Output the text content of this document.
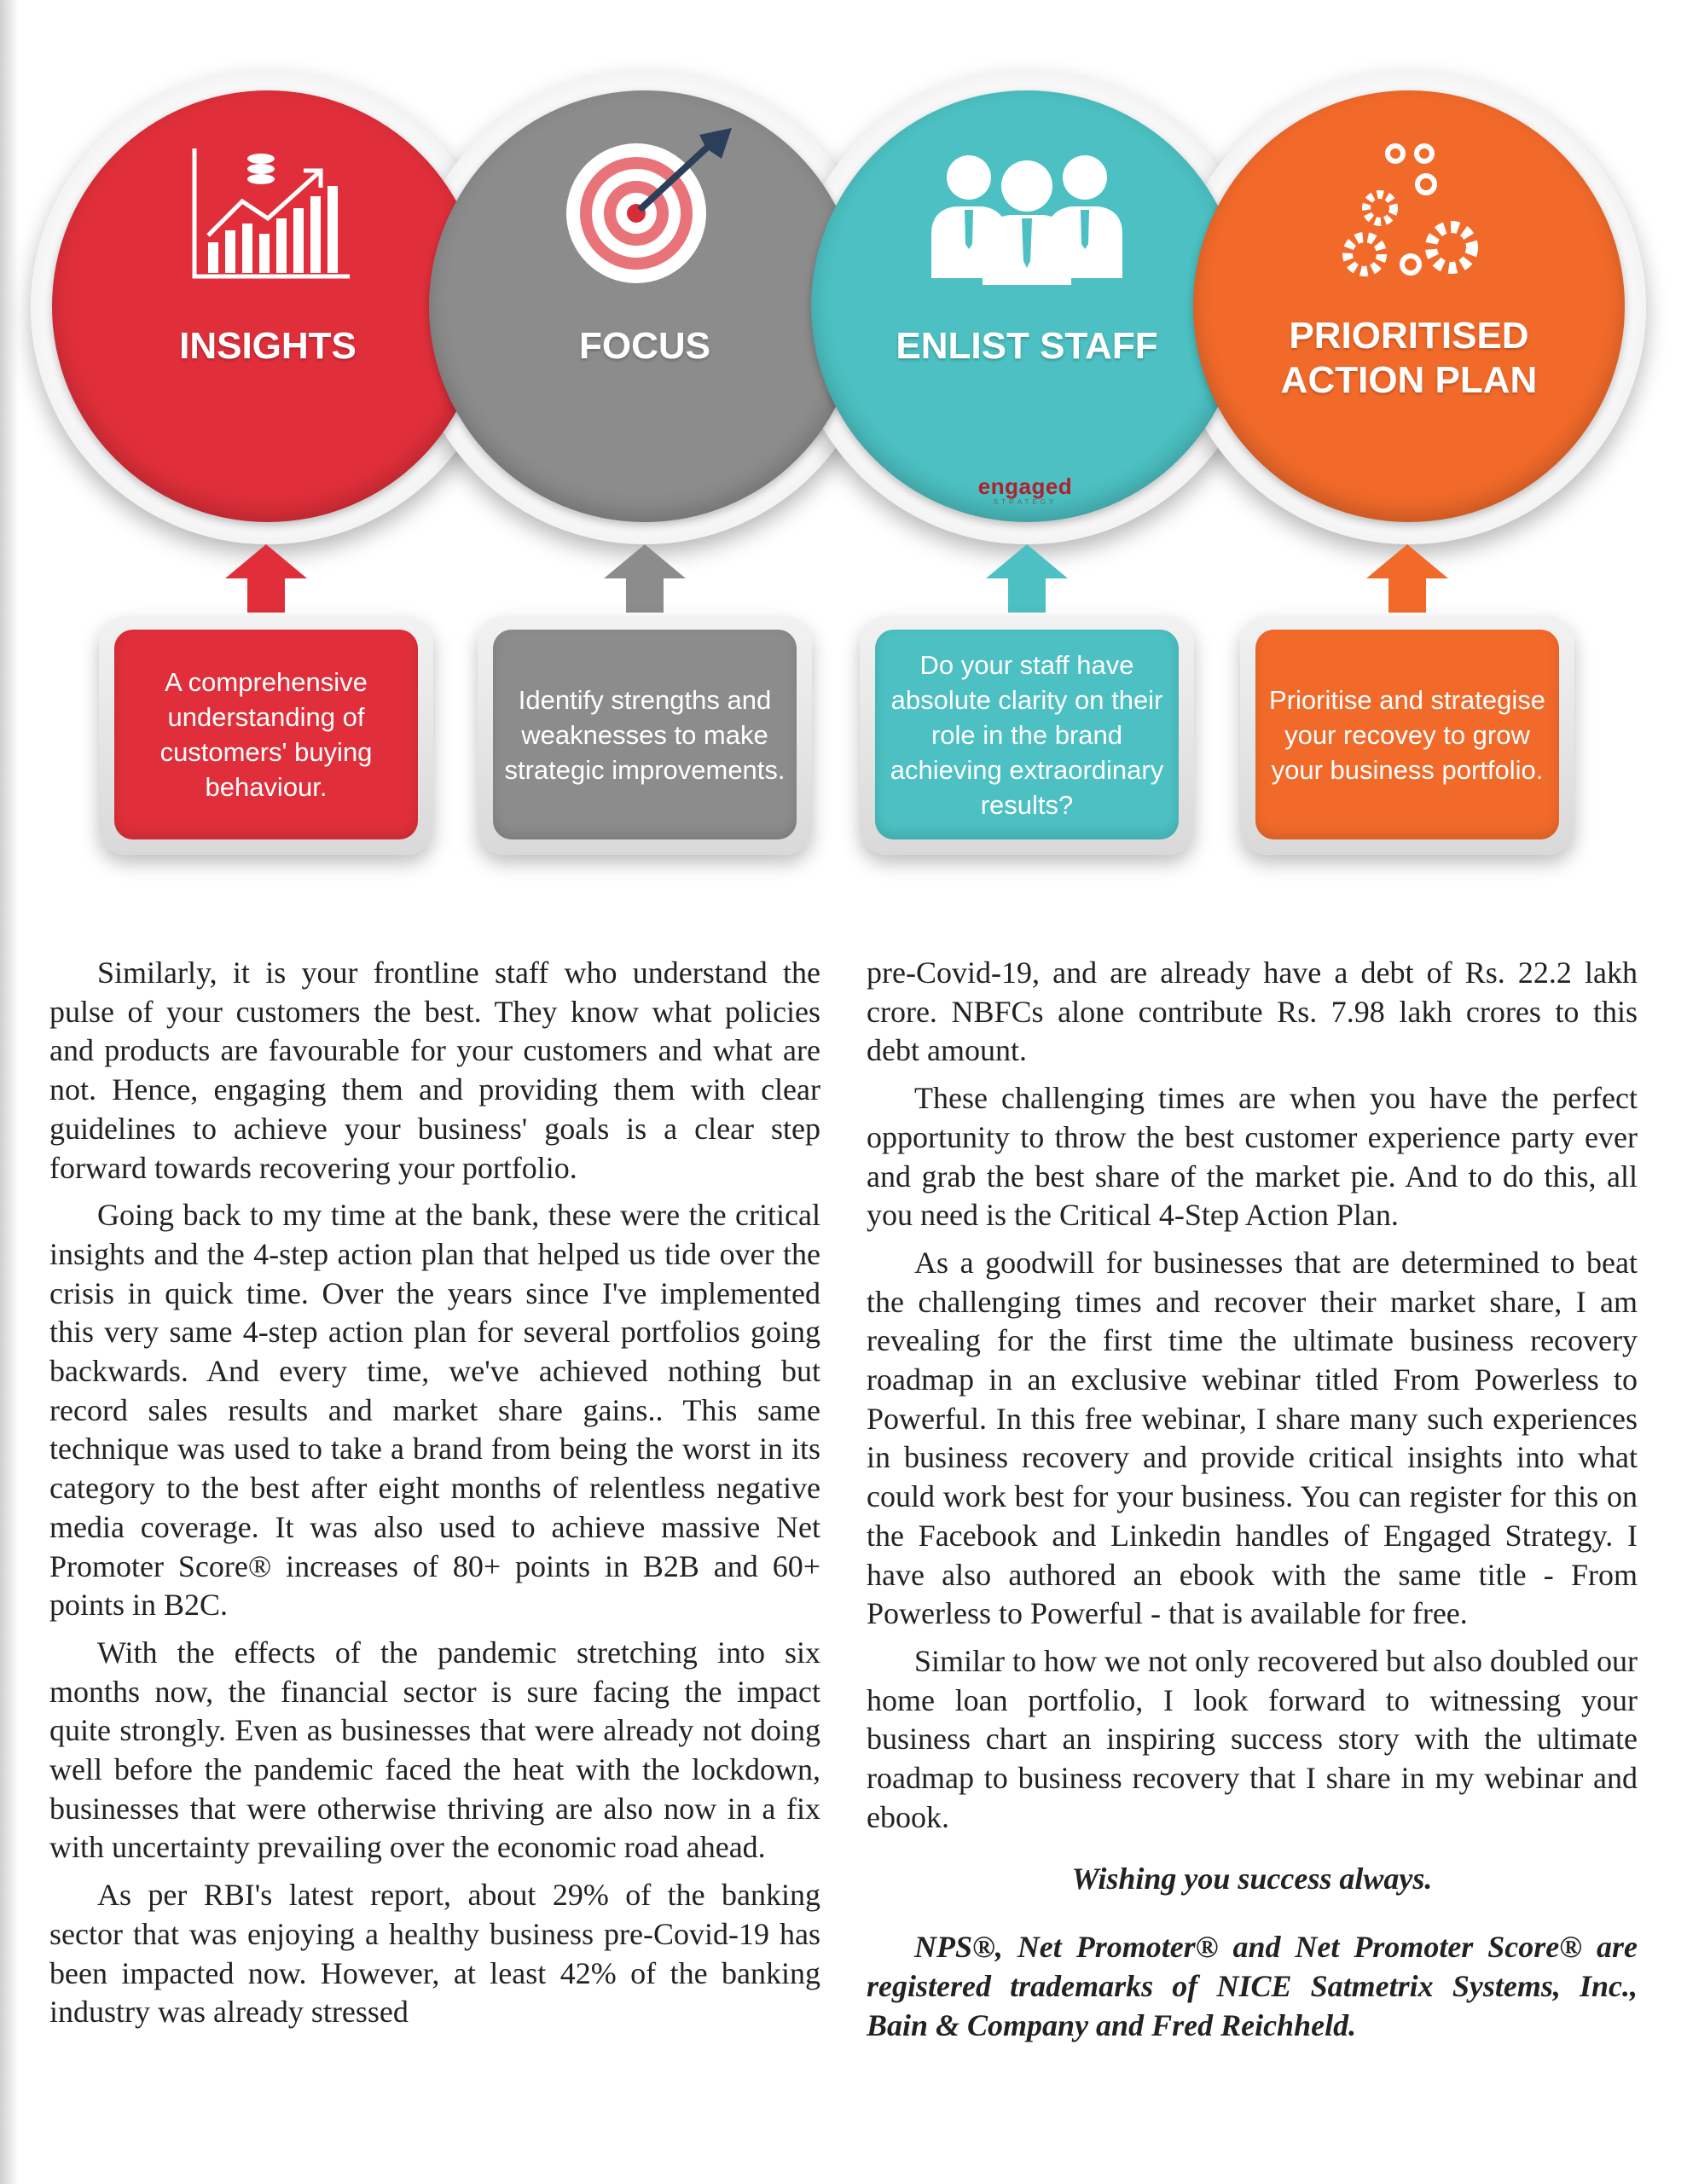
INSIGHTS	FOCUS	ENLIST STAFF	PRIORITISED
ACTION PLAN
engaged
STRATEGY
A comprehensive understanding of customers' buying behaviour.
Identify strengths and weaknesses to make strategic improvements.
Do your staff have absolute clarity on their role in the brand achieving extraordinary results?
Prioritise and strategise your recovey to grow your business portfolio.

Similarly, it is your frontline staff who understand the pulse of your customers the best. They know what policies and products are favourable for your customers and what are not. Hence, engaging them and providing them with clear guidelines to achieve your business' goals is a clear step forward towards recovering your portfolio.

Going back to my time at the bank, these were the critical insights and the 4-step action plan that helped us tide over the crisis in quick time. Over the years since I've implemented this very same 4-step action plan for several portfolios going backwards. And every time, we've achieved nothing but record sales results and market share gains.. This same technique was used to take a brand from being the worst in its category to the best after eight months of relentless negative media coverage. It was also used to achieve massive Net Promoter Score® increases of 80+ points in B2B and 60+ points in B2C.

With the effects of the pandemic stretching into six months now, the financial sector is sure facing the impact quite strongly. Even as businesses that were already not doing well before the pandemic faced the heat with the lockdown, businesses that were otherwise thriving are also now in a fix with uncertainty prevailing over the economic road ahead.

As per RBI's latest report, about 29% of the banking sector that was enjoying a healthy business pre-Covid-19 has been impacted now. However, at least 42% of the banking industry was already stressed

pre-Covid-19, and are already have a debt of Rs. 22.2 lakh crore. NBFCs alone contribute Rs. 7.98 lakh crores to this debt amount.

These challenging times are when you have the perfect opportunity to throw the best customer experience party ever and grab the best share of the market pie. And to do this, all you need is the Critical 4-Step Action Plan.

As a goodwill for businesses that are determined to beat the challenging times and recover their market share, I am revealing for the first time the ultimate business recovery roadmap in an exclusive webinar titled From Powerless to Powerful. In this free webinar, I share many such experiences in business recovery and provide critical insights into what could work best for your business. You can register for this on the Facebook and Linkedin handles of Engaged Strategy. I have also authored an ebook with the same title - From Powerless to Powerful - that is available for free.

Similar to how we not only recovered but also doubled our home loan portfolio, I look forward to witnessing your business chart an inspiring success story with the ultimate roadmap to business recovery that I share in my webinar and ebook.

Wishing you success always.

NPS®, Net Promoter® and Net Promoter Score® are registered trademarks of NICE Satmetrix Systems, Inc., Bain & Company and Fred Reichheld.
